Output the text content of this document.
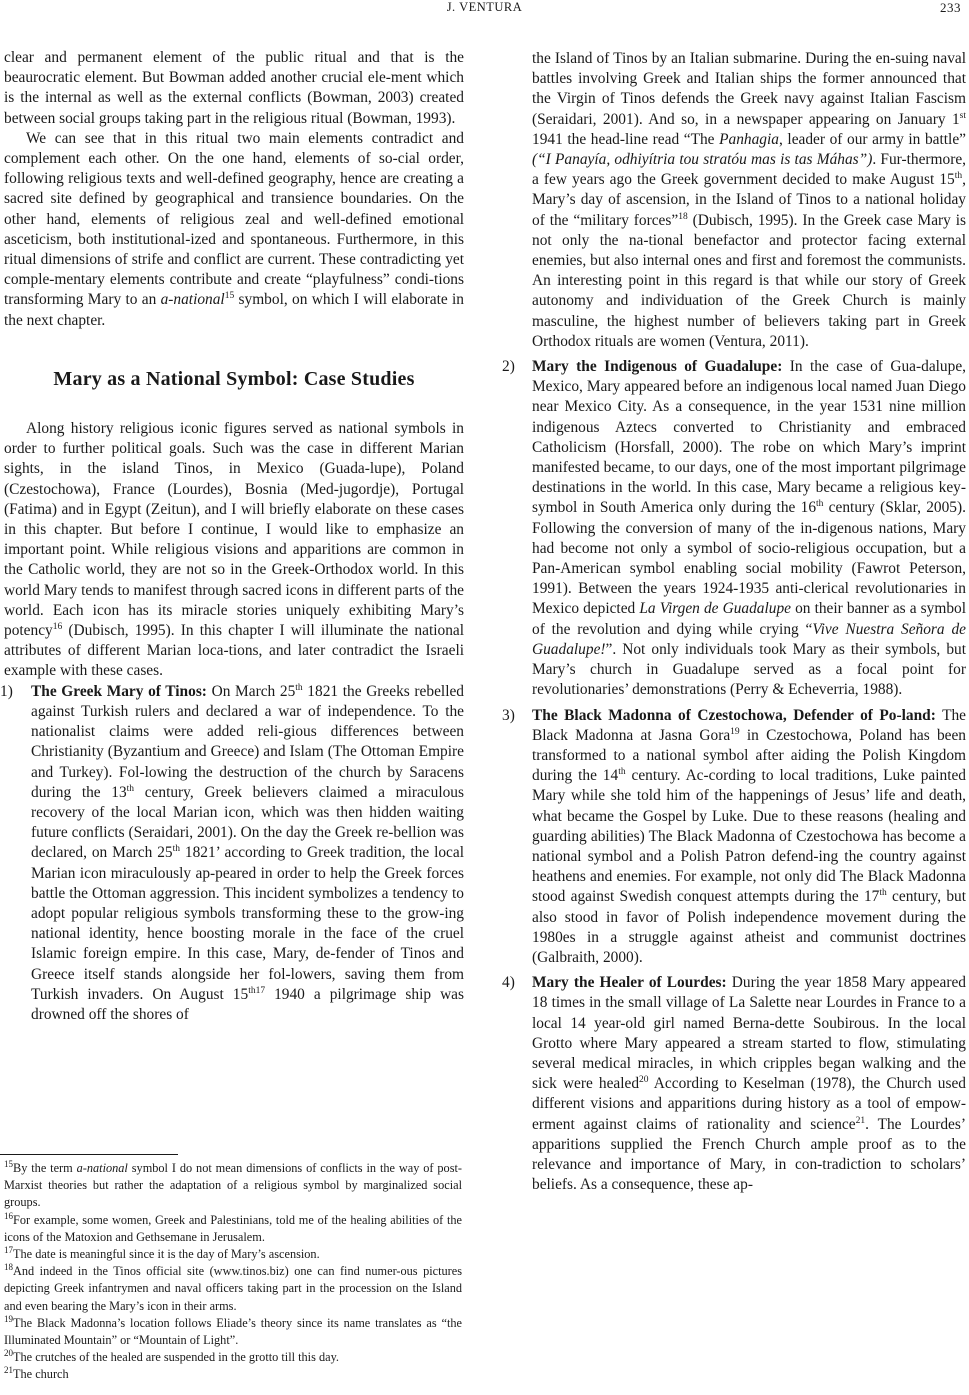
J. VENTURA	233

clear and permanent element of the public ritual and that is the beaurocratic element. But Bowman added another crucial ele-ment which is the internal as well as the external conflicts (Bowman, 2003) created between social groups taking part in the religious ritual (Bowman, 1993).

We can see that in this ritual two main elements contradict and complement each other. On the one hand, elements of so-cial order, following religious texts and well-defined geography, hence are creating a sacred site defined by geographical and transience boundaries. On the other hand, elements of religious zeal and well-defined emotional asceticism, both institutional-ized and spontaneous. Furthermore, in this ritual dimensions of strife and conflict are current. These contradicting yet comple-mentary elements contribute and create “playfulness” condi-tions transforming Mary to an a-national$^{15}$ symbol, on which I will elaborate in the next chapter.

Mary as a National Symbol: Case Studies

Along history religious iconic figures served as national symbols in order to further political goals. Such was the case in different Marian sights, in the island Tinos, in Mexico (Guada-lupe), Poland (Czestochowa), France (Lourdes), Bosnia (Med-jugordje), Portugal (Fatima) and in Egypt (Zeitun), and I will briefly elaborate on these cases in this chapter. But before I continue, I would like to emphasize an important point. While religious visions and apparitions are common in the Catholic world, they are not so in the Greek-Orthodox world. In this world Mary tends to manifest through sacred icons in different parts of the world. Each icon has its miracle stories uniquely exhibiting Mary’s potency$^{16}$ (Dubisch, 1995). In this chapter I will illuminate the national attributes of different Marian loca-tions, and later contradict the Israeli example with these cases.

1) The Greek Mary of Tinos: On March 25th 1821 the Greeks rebelled against Turkish rulers and declared a war of independence. To the nationalist claims were added reli-gious differences between Christianity (Byzantium and Greece) and Islam (The Ottoman Empire and Turkey). Fol-lowing the destruction of the church by Saracens during the 13th century, Greek believers claimed a miraculous recovery of the local Marian icon, which was then hidden waiting future conflicts (Seraidari, 2001). On the day the Greek re-bellion was declared, on March 25th 1821’ according to Greek tradition, the local Marian icon miraculously ap-peared in order to help the Greek forces battle the Ottoman aggression. This incident symbolizes a tendency to adopt popular religious symbols transforming these to the grow-ing national identity, hence boosting morale in the face of the cruel Islamic foreign empire. In this case, Mary, de-fender of Tinos and Greece itself stands alongside her fol-lowers, saving them from Turkish invaders. On August $15^{th17}$ 1940 a pilgrimage ship was drowned off the shores of

$^{15}$By the term a-national symbol I do not mean dimensions of conflicts in the way of post-Marxist theories but rather the adaptation of a religious symbol by marginalized social groups.

$^{16}$For example, some women, Greek and Palestinians, told me of the healing abilities of the icons of the Matoxion and Gethsemane in Jerusalem.

$^{17}$The date is meaningful since it is the day of Mary’s ascension.

$^{18}$And indeed in the Tinos official site (www.tinos.biz) one can find numer-ous pictures depicting Greek infantrymen and naval officers taking part in the procession on the Island and even bearing the Mary’s icon in their arms.

$^{19}$The Black Madonna’s location follows Eliade’s theory since its name translates as “the Illuminated Mountain” or “Mountain of Light”.

$^{20}$The crutches of the healed are suspended in the grotto till this day.

$^{21}$The church

the Island of Tinos by an Italian submarine. During the en-suing naval battles involving Greek and Italian ships the former announced that the Virgin of Tinos defends the Greek navy against Italian Fascism (Seraidari, 2001). And so, in a newspaper appearing on January 1st 1941 the head-line read “The Panhagia, leader of our army in battle” (“I Panayía, odhiyítria tou stratóu mas is tas Máhas”). Fur-thermore, a few years ago the Greek government decided to make August 15th, Mary’s day of ascension, in the Island of Tinos to a national holiday of the “military forces”$^{18}$ (Dubisch, 1995). In the Greek case Mary is not only the na-tional benefactor and protector facing external enemies, but also internal ones and first and foremost the communists. An interesting point in this regard is that while our story of Greek autonomy and individuation of the Greek Church is mainly masculine, the highest number of believers taking part in Greek Orthodox rituals are women (Ventura, 2011).

2) Mary the Indigenous of Guadalupe: In the case of Gua-dalupe, Mexico, Mary appeared before an indigenous local named Juan Diego near Mexico City. As a consequence, in the year 1531 nine million indigenous Aztecs converted to Christianity and embraced Catholicism (Horsfall, 2000). The robe on which Mary’s imprint manifested became, to our days, one of the most important pilgrimage destinations in the world. In this case, Mary became a religious key-symbol in South America only during the 16th century (Sklar, 2005). Following the conversion of many of the in-digenous nations, Mary had become not only a symbol of socio-religious occupation, but a Pan-American symbol enabling social mobility (Fawrot Peterson, 1991). Between the years 1924-1935 anti-clerical revolutionaries in Mexico depicted La Virgen de Guadalupe on their banner as a symbol of the revolution and dying while crying “Vive Nuestra Señora de Guadalupe!”. Not only individuals took Mary as their symbols, but Mary’s church in Guadalupe served as a focal point for revolutionaries’ demonstrations (Perry & Echeverria, 1988).

3) The Black Madonna of Czestochowa, Defender of Po-land: The Black Madonna at Jasna Gora$^{19}$ in Czestochowa, Poland has been transformed to a national symbol after aiding the Polish Kingdom during the 14th century. Ac-cording to local traditions, Luke painted Mary while she told him of the happenings of Jesus’ life and death, what became the Gospel by Luke. Due to these reasons (healing and guarding abilities) The Black Madonna of Czestochowa has become a national symbol and a Polish Patron defend-ing the country against heathens and enemies. For example, not only did The Black Madonna stood against Swedish conquest attempts during the 17th century, but also stood in favor of Polish independence movement during the 1980es in a struggle against atheist and communist doctrines (Galbraith, 2000).

4) Mary the Healer of Lourdes: During the year 1858 Mary appeared 18 times in the small village of La Salette near Lourdes in France to a local 14 year-old girl named Berna-dette Soubirous. In the local Grotto where Mary appeared a stream started to flow, stimulating several medical miracles, in which cripples began walking and the sick were healed$^{20}$ According to Keselman (1978), the Church used different visions and apparitions during history as a tool of empow-erment against claims of rationality and science$^{21}$. The Lourdes’ apparitions supplied the French Church ample proof as to the relevance and importance of Mary, in con-tradiction to scholars’ beliefs. As a consequence, these ap-
